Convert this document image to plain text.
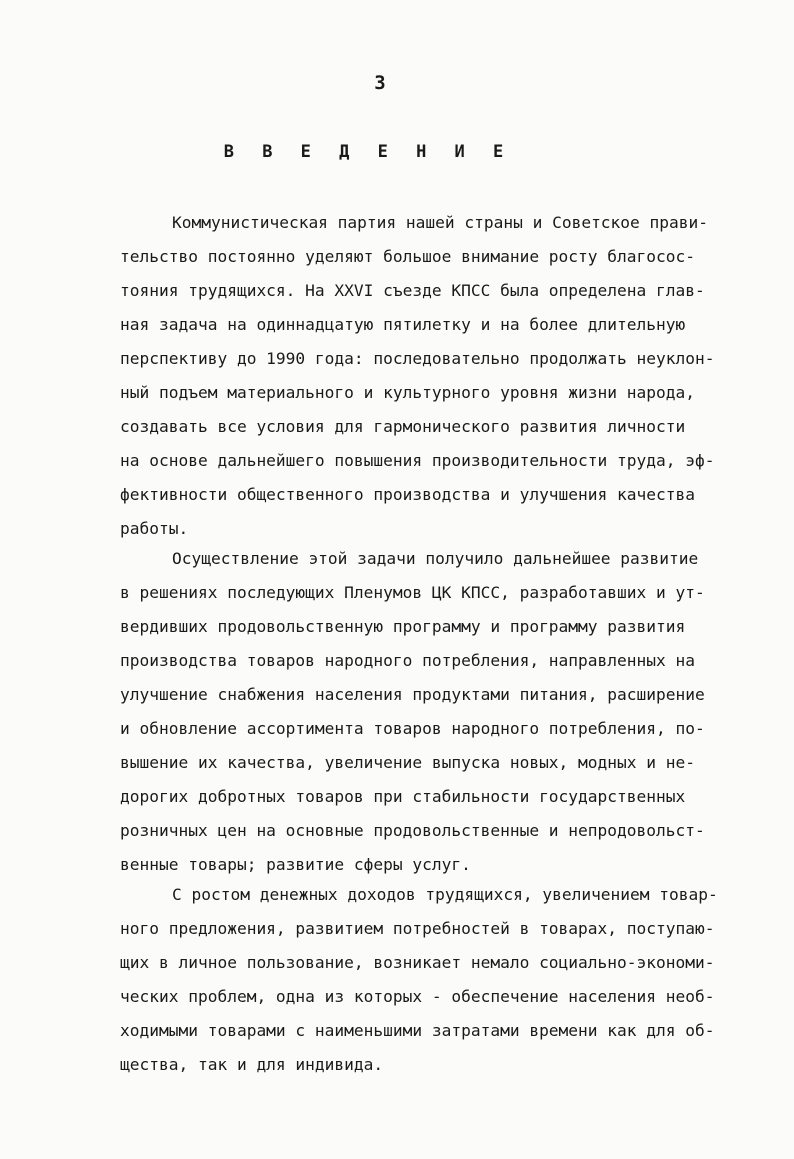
3
В В Е Д Е Н И Е
Коммунистическая партия нашей страны и Советское прави-
тельство постоянно уделяют большое внимание росту благосос-
тояния трудящихся. На XXVI съезде КПСС была определена глав-
ная задача на одиннадцатую пятилетку и на более длительную
перспективу до 1990 года: последовательно продолжать неуклон-
ный подъем материального и культурного уровня жизни народа,
создавать все условия для гармонического развития личности
на основе дальнейшего повышения производительности труда, эф-
фективности общественного производства и улучшения качества
работы.
Осуществление этой задачи получило дальнейшее развитие
в решениях последующих Пленумов ЦК КПСС, разработавших и ут-
вердивших продовольственную программу и программу развития
производства товаров народного потребления, направленных на
улучшение снабжения населения продуктами питания, расширение
и обновление ассортимента товаров народного потребления, по-
вышение их качества, увеличение выпуска новых, модных и не-
дорогих добротных товаров при стабильности государственных
розничных цен на основные продовольственные и непродовольст-
венные товары; развитие сферы услуг.
С ростом денежных доходов трудящихся, увеличением товар-
ного предложения, развитием потребностей в товарах, поступаю-
щих в личное пользование, возникает немало социально-экономи-
ческих проблем, одна из которых - обеспечение населения необ-
ходимыми товарами с наименьшими затратами времени как для об-
щества, так и для индивида.
